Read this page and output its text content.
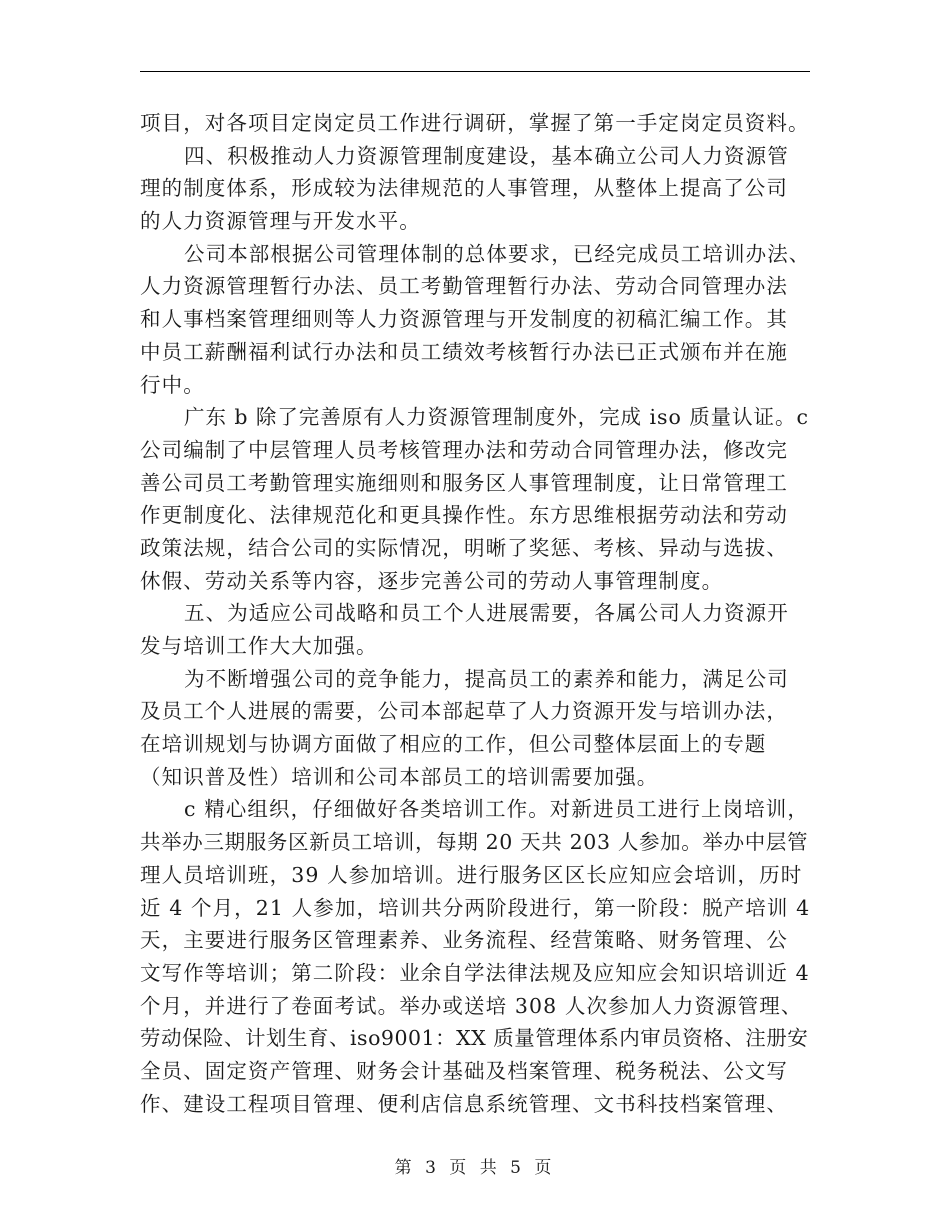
项目，对各项目定岗定员工作进行调研，掌握了第一手定岗定员资料。
四、积极推动人力资源管理制度建设，基本确立公司人力资源管
理的制度体系，形成较为法律规范的人事管理，从整体上提高了公司
的人力资源管理与开发水平。
公司本部根据公司管理体制的总体要求，已经完成员工培训办法、
人力资源管理暂行办法、员工考勤管理暂行办法、劳动合同管理办法
和人事档案管理细则等人力资源管理与开发制度的初稿汇编工作。其
中员工薪酬福利试行办法和员工绩效考核暂行办法已正式颁布并在施
行中。
广东 b 除了完善原有人力资源管理制度外，完成 iso 质量认证。c
公司编制了中层管理人员考核管理办法和劳动合同管理办法，修改完
善公司员工考勤管理实施细则和服务区人事管理制度，让日常管理工
作更制度化、法律规范化和更具操作性。东方思维根据劳动法和劳动
政策法规，结合公司的实际情况，明晰了奖惩、考核、异动与选拔、
休假、劳动关系等内容，逐步完善公司的劳动人事管理制度。
五、为适应公司战略和员工个人进展需要，各属公司人力资源开
发与培训工作大大加强。
为不断增强公司的竞争能力，提高员工的素养和能力，满足公司
及员工个人进展的需要，公司本部起草了人力资源开发与培训办法，
在培训规划与协调方面做了相应的工作，但公司整体层面上的专题
（知识普及性）培训和公司本部员工的培训需要加强。
c 精心组织，仔细做好各类培训工作。对新进员工进行上岗培训，
共举办三期服务区新员工培训，每期 20 天共 203 人参加。举办中层管
理人员培训班，39 人参加培训。进行服务区区长应知应会培训，历时
近 4 个月，21 人参加，培训共分两阶段进行，第一阶段：脱产培训 4
天，主要进行服务区管理素养、业务流程、经营策略、财务管理、公
文写作等培训；第二阶段：业余自学法律法规及应知应会知识培训近 4
个月，并进行了卷面考试。举办或送培 308 人次参加人力资源管理、
劳动保险、计划生育、iso9001：XX 质量管理体系内审员资格、注册安
全员、固定资产管理、财务会计基础及档案管理、税务税法、公文写
作、建设工程项目管理、便利店信息系统管理、文书科技档案管理、
第 3 页 共 5 页
